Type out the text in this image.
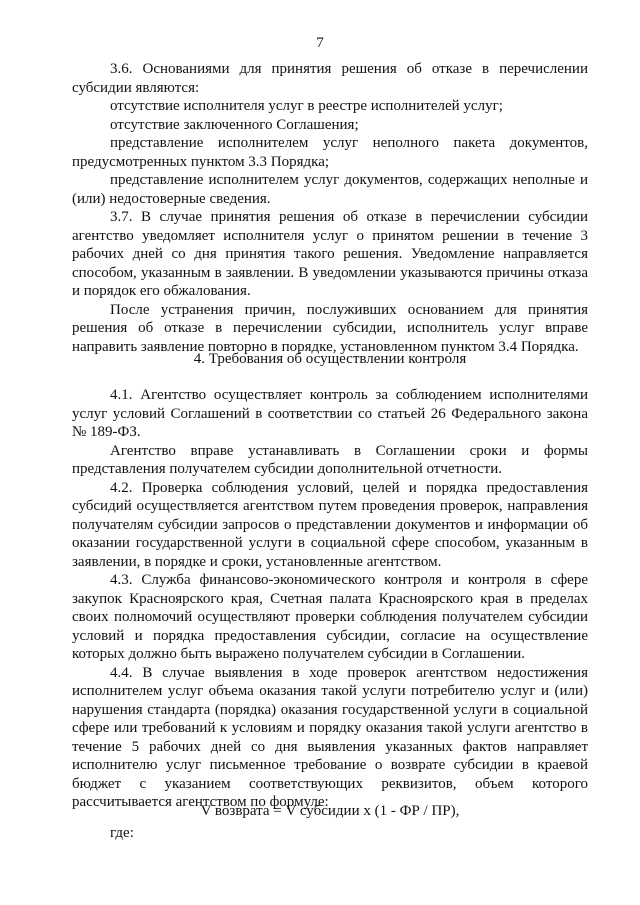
7

3.6. Основаниями для принятия решения об отказе в перечислении субсидии являются:

отсутствие исполнителя услуг в реестре исполнителей услуг;

отсутствие заключенного Соглашения;

представление исполнителем услуг неполного пакета документов, предусмотренных пунктом 3.3 Порядка;

представление исполнителем услуг документов, содержащих неполные и (или) недостоверные сведения.

3.7. В случае принятия решения об отказе в перечислении субсидии агентство уведомляет исполнителя услуг о принятом решении в течение 3 рабочих дней со дня принятия такого решения. Уведомление направляется способом, указанным в заявлении. В уведомлении указываются причины отказа и порядок его обжалования.

После устранения причин, послуживших основанием для принятия решения об отказе в перечислении субсидии, исполнитель услуг вправе направить заявление повторно в порядке, установленном пунктом 3.4 Порядка.

4. Требования об осуществлении контроля

4.1. Агентство осуществляет контроль за соблюдением исполнителями услуг условий Соглашений в соответствии со статьей 26 Федерального закона № 189-ФЗ.

Агентство вправе устанавливать в Соглашении сроки и формы представления получателем субсидии дополнительной отчетности.

4.2. Проверка соблюдения условий, целей и порядка предоставления субсидий осуществляется агентством путем проведения проверок, направления получателям субсидии запросов о представлении документов и информации об оказании государственной услуги в социальной сфере способом, указанным в заявлении, в порядке и сроки, установленные агентством.

4.3. Служба финансово-экономического контроля и контроля в сфере закупок Красноярского края, Счетная палата Красноярского края в пределах своих полномочий осуществляют проверки соблюдения получателем субсидии условий и порядка предоставления субсидии, согласие на осуществление которых должно быть выражено получателем субсидии в Соглашении.

4.4. В случае выявления в ходе проверок агентством недостижения исполнителем услуг объема оказания такой услуги потребителю услуг и (или) нарушения стандарта (порядка) оказания государственной услуги в социальной сфере или требований к условиям и порядку оказания такой услуги агентство в течение 5 рабочих дней со дня выявления указанных фактов направляет исполнителю услуг письменное требование о возврате субсидии в краевой бюджет с указанием соответствующих реквизитов, объем которого рассчитывается агентством по формуле:

V возврата = V субсидии x (1 - ФР / ПР),
где:
